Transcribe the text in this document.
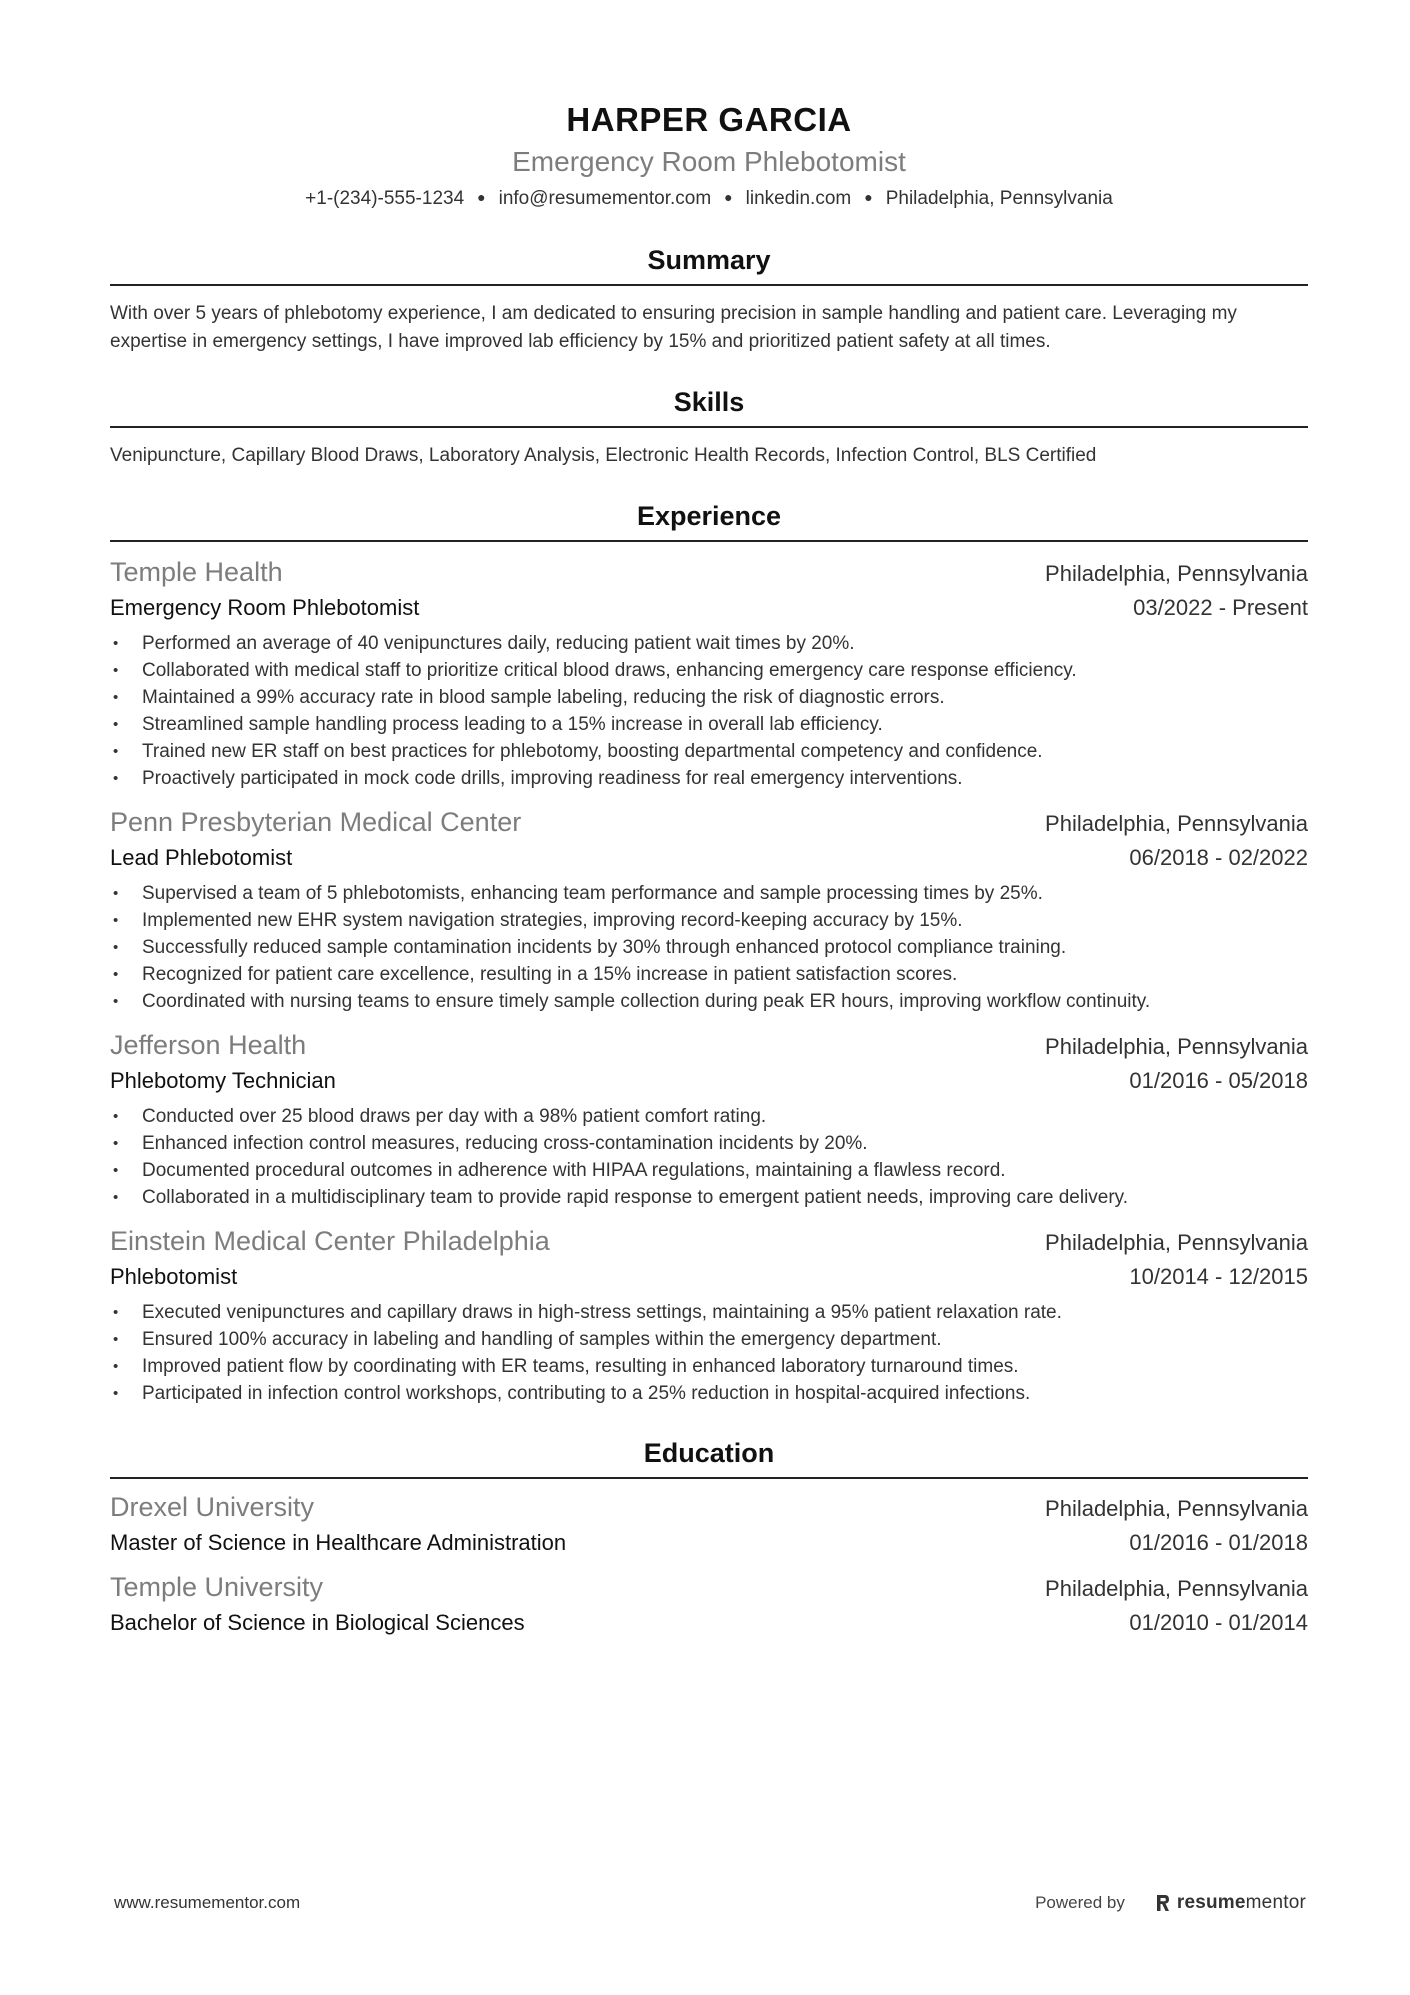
HARPER GARCIA
Emergency Room Phlebotomist
+1-(234)-555-1234 ● info@resumementor.com ● linkedin.com ● Philadelphia, Pennsylvania
Summary
With over 5 years of phlebotomy experience, I am dedicated to ensuring precision in sample handling and patient care. Leveraging my expertise in emergency settings, I have improved lab efficiency by 15% and prioritized patient safety at all times.
Skills
Venipuncture, Capillary Blood Draws, Laboratory Analysis, Electronic Health Records, Infection Control, BLS Certified
Experience
Temple Health	Philadelphia, Pennsylvania
Emergency Room Phlebotomist	03/2022 - Present
• Performed an average of 40 venipunctures daily, reducing patient wait times by 20%.
• Collaborated with medical staff to prioritize critical blood draws, enhancing emergency care response efficiency.
• Maintained a 99% accuracy rate in blood sample labeling, reducing the risk of diagnostic errors.
• Streamlined sample handling process leading to a 15% increase in overall lab efficiency.
• Trained new ER staff on best practices for phlebotomy, boosting departmental competency and confidence.
• Proactively participated in mock code drills, improving readiness for real emergency interventions.
Penn Presbyterian Medical Center	Philadelphia, Pennsylvania
Lead Phlebotomist	06/2018 - 02/2022
• Supervised a team of 5 phlebotomists, enhancing team performance and sample processing times by 25%.
• Implemented new EHR system navigation strategies, improving record-keeping accuracy by 15%.
• Successfully reduced sample contamination incidents by 30% through enhanced protocol compliance training.
• Recognized for patient care excellence, resulting in a 15% increase in patient satisfaction scores.
• Coordinated with nursing teams to ensure timely sample collection during peak ER hours, improving workflow continuity.
Jefferson Health	Philadelphia, Pennsylvania
Phlebotomy Technician	01/2016 - 05/2018
• Conducted over 25 blood draws per day with a 98% patient comfort rating.
• Enhanced infection control measures, reducing cross-contamination incidents by 20%.
• Documented procedural outcomes in adherence with HIPAA regulations, maintaining a flawless record.
• Collaborated in a multidisciplinary team to provide rapid response to emergent patient needs, improving care delivery.
Einstein Medical Center Philadelphia	Philadelphia, Pennsylvania
Phlebotomist	10/2014 - 12/2015
• Executed venipunctures and capillary draws in high-stress settings, maintaining a 95% patient relaxation rate.
• Ensured 100% accuracy in labeling and handling of samples within the emergency department.
• Improved patient flow by coordinating with ER teams, resulting in enhanced laboratory turnaround times.
• Participated in infection control workshops, contributing to a 25% reduction in hospital-acquired infections.
Education
Drexel University	Philadelphia, Pennsylvania
Master of Science in Healthcare Administration	01/2016 - 01/2018
Temple University	Philadelphia, Pennsylvania
Bachelor of Science in Biological Sciences	01/2010 - 01/2014
www.resumementor.com	Powered by	resume mentor
